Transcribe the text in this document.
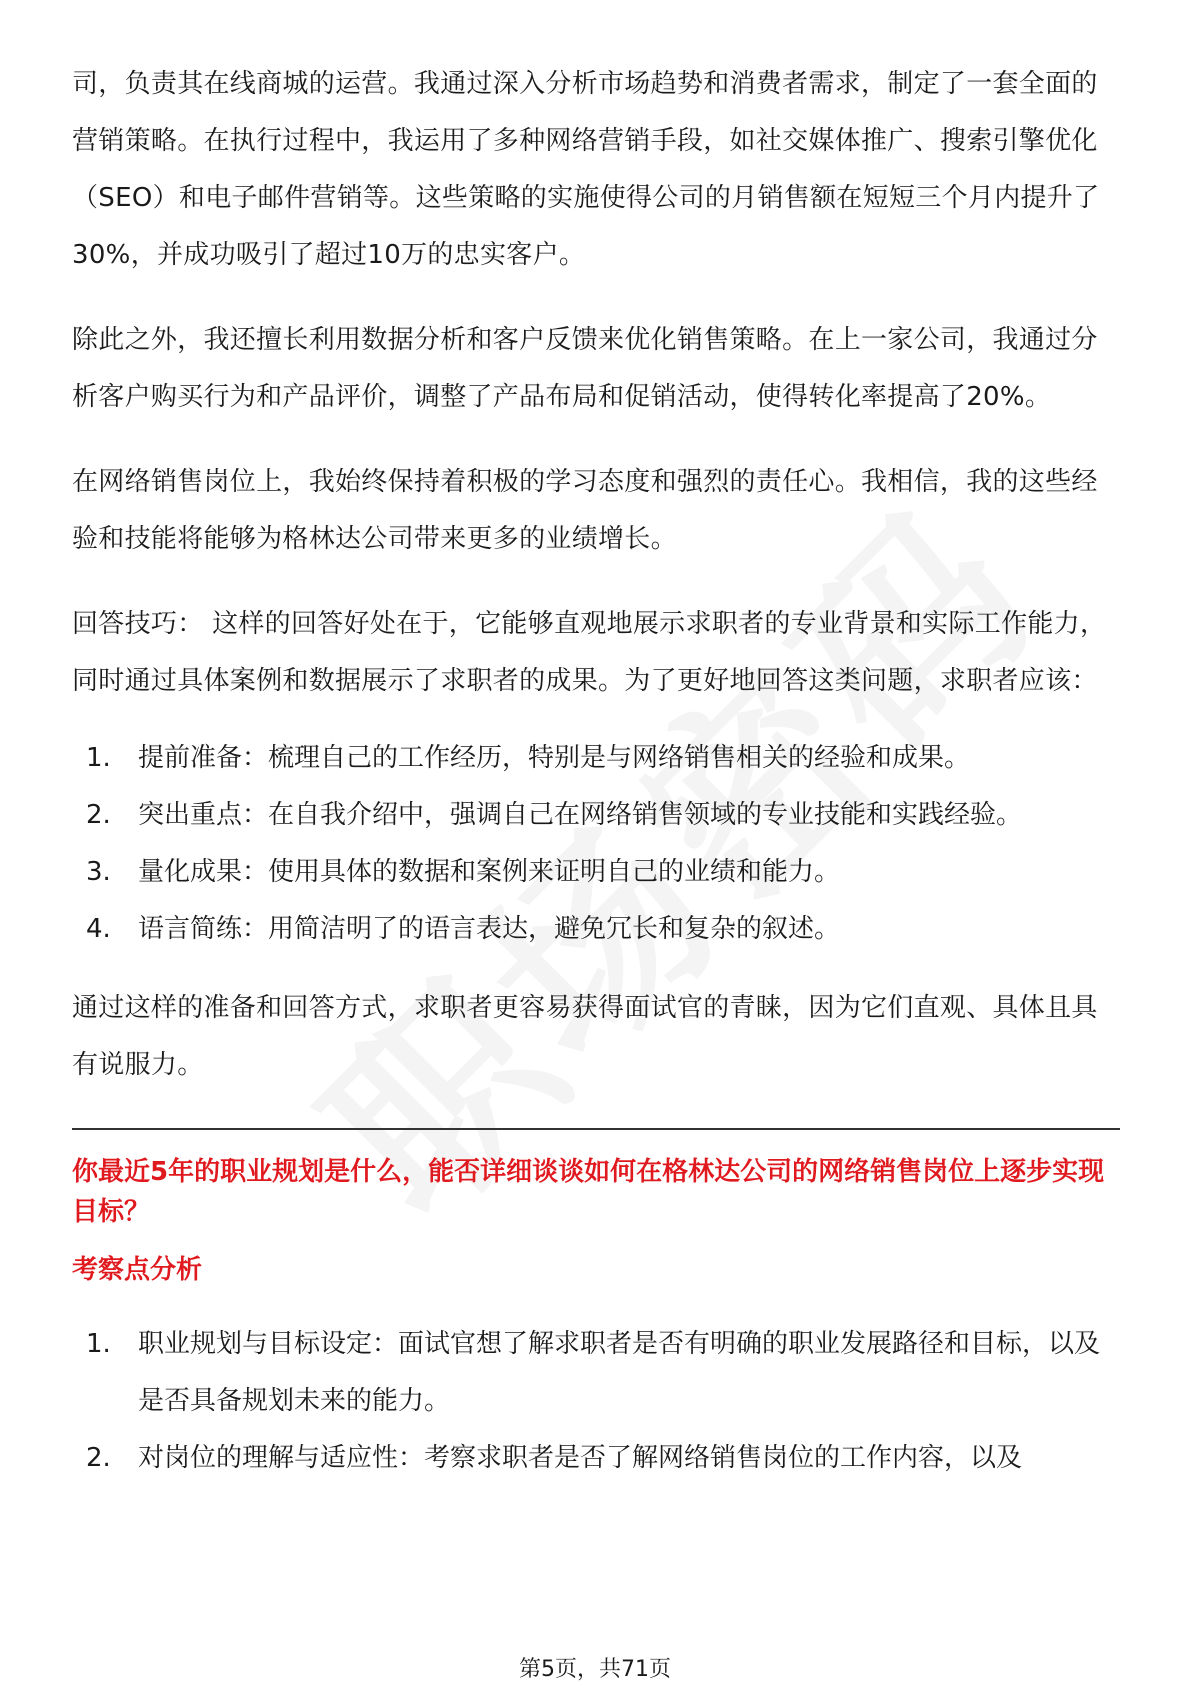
司，负责其在线商城的运营。我通过深入分析市场趋势和消费者需求，制定了一套全面的营销策略。在执行过程中，我运用了多种网络营销手段，如社交媒体推广、搜索引擎优化（SEO）和电子邮件营销等。这些策略的实施使得公司的月销售额在短短三个月内提升了30%，并成功吸引了超过10万的忠实客户。

除此之外，我还擅长利用数据分析和客户反馈来优化销售策略。在上一家公司，我通过分析客户购买行为和产品评价，调整了产品布局和促销活动，使得转化率提高了20%。

在网络销售岗位上，我始终保持着积极的学习态度和强烈的责任心。我相信，我的这些经验和技能将能够为格林达公司带来更多的业绩增长。

回答技巧： 这样的回答好处在于，它能够直观地展示求职者的专业背景和实际工作能力，同时通过具体案例和数据展示了求职者的成果。为了更好地回答这类问题，求职者应该：

1.	提前准备：梳理自己的工作经历，特别是与网络销售相关的经验和成果。
2.	突出重点：在自我介绍中，强调自己在网络销售领域的专业技能和实践经验。
3.	量化成果：使用具体的数据和案例来证明自己的业绩和能力。
4.	语言简练：用简洁明了的语言表达，避免冗长和复杂的叙述。

通过这样的准备和回答方式，求职者更容易获得面试官的青睐，因为它们直观、具体且具有说服力。

你最近5年的职业规划是什么，能否详细谈谈如何在格林达公司的网络销售岗位上逐步实现目标？
考察点分析
1.	职业规划与目标设定：面试官想了解求职者是否有明确的职业发展路径和目标，以及是否具备规划未来的能力。
2.	对岗位的理解与适应性：考察求职者是否了解网络销售岗位的工作内容，以及
第5页，共71页
